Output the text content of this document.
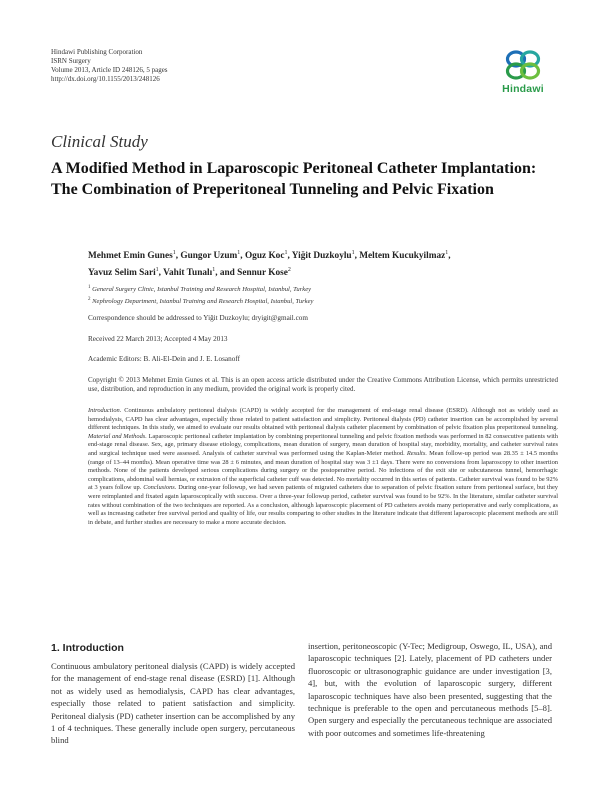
Hindawi Publishing Corporation
ISRN Surgery
Volume 2013, Article ID 248126, 5 pages
http://dx.doi.org/10.1155/2013/248126
Hindawi
Clinical Study
A Modified Method in Laparoscopic Peritoneal Catheter Implantation: The Combination of Preperitoneal Tunneling and Pelvic Fixation
Mehmet Emin Gunes$^1$, Gungor Uzum$^1$, Oguz Koc$^1$, Yiğit Duzkoylu$^1$, Meltem Kucukyilmaz$^1$,
Yavuz Selim Sari$^1$, Vahit Tunalı$^1$, and Sennur Kose$^2$
$^1$ General Surgery Clinic, Istanbul Training and Research Hospital, Istanbul, Turkey
$^2$ Nephrology Department, Istanbul Training and Research Hospital, Istanbul, Turkey
Correspondence should be addressed to Yiğit Duzkoylu; dryigit@gmail.com
Received 22 March 2013; Accepted 4 May 2013
Academic Editors: B. Ali-El-Dein and J. E. Losanoff
Copyright © 2013 Mehmet Emin Gunes et al. This is an open access article distributed under the Creative Commons Attribution License, which permits unrestricted use, distribution, and reproduction in any medium, provided the original work is properly cited.
Introduction. Continuous ambulatory peritoneal dialysis (CAPD) is widely accepted for the management of end-stage renal disease (ESRD). Although not as widely used as hemodialysis, CAPD has clear advantages, especially those related to patient satisfaction and simplicity. Peritoneal dialysis (PD) catheter insertion can be accomplished by several different techniques. In this study, we aimed to evaluate our results obtained with peritoneal dialysis catheter placement by combination of pelvic fixation plus preperitoneal tunneling. Material and Methods. Laparoscopic peritoneal catheter implantation by combining preperitoneal tunneling and pelvic fixation methods was performed in 82 consecutive patients with end-stage renal disease. Sex, age, primary disease etiology, complications, mean duration of surgery, mean duration of hospital stay, morbidity, mortality, and catheter survival rates and surgical technique used were assessed. Analysis of catheter survival was performed using the Kaplan-Meier method. Results. Mean follow-up period was 28.35 ± 14.5 months (range of 13–44 months). Mean operative time was 28 ± 6 minutes, and mean duration of hospital stay was 3 ±1 days. There were no conversions from laparoscopy to other insertion methods. None of the patients developed serious complications during surgery or the postoperative period. No infections of the exit site or subcutaneous tunnel, hemorrhagic complications, abdominal wall hernias, or extrusion of the superficial catheter cuff was detected. No mortality occurred in this series of patients. Catheter survival was found to be 92% at 3 years follow up. Conclusions. During one-year followup, we had seven patients of migrated catheters due to separation of pelvic fixation suture from peritoneal surface, but they were reimplanted and fixated again laparoscopically with success. Over a three-year followup period, catheter survival was found to be 92%. In the literature, similar catheter survival rates without combination of the two techniques are reported. As a conclusion, although laparoscopic placement of PD catheters avoids many perioperative and early complications, as well as increasing catheter free survival period and quality of life, our results comparing to other studies in the literature indicate that different laparoscopic placement methods are still in debate, and further studies are necessary to make a more accurate decision.
1. Introduction
Continuous ambulatory peritoneal dialysis (CAPD) is widely accepted for the management of end-stage renal disease (ESRD) [1]. Although not as widely used as hemodialysis, CAPD has clear advantages, especially those related to patient satisfaction and simplicity. Peritoneal dialysis (PD) catheter insertion can be accomplished by any 1 of 4 techniques. These generally include open surgery, percutaneous blind
insertion, peritoneoscopic (Y-Tec; Medigroup, Oswego, IL, USA), and laparoscopic techniques [2]. Lately, placement of PD catheters under fluoroscopic or ultrasonographic guidance are under investigation [3, 4], but, with the evolution of laparoscopic surgery, different laparoscopic techniques have also been presented, suggesting that the technique is preferable to the open and percutaneous methods [5–8]. Open surgery and especially the percutaneous technique are associated with poor outcomes and sometimes life-threatening
